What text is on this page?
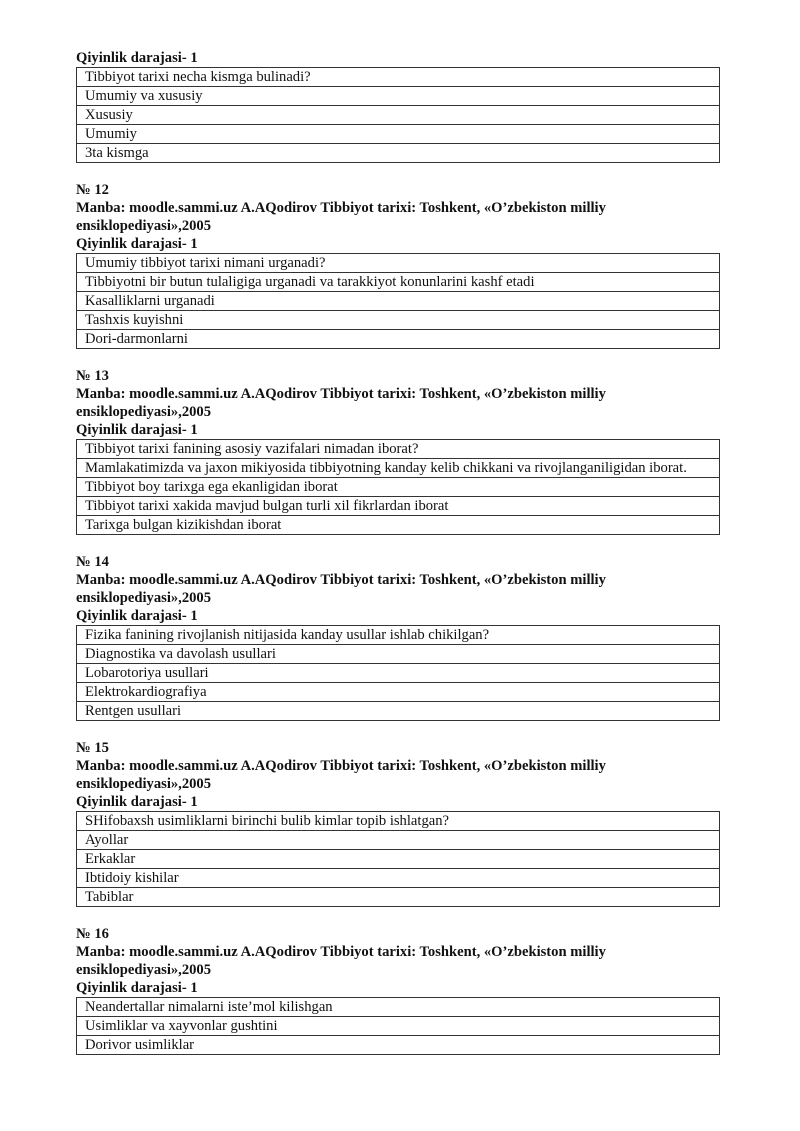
Qiyinlik darajasi- 1
Tibbiyot tarixi necha kismga bulinadi?
Umumiy va xususiy
Xususiy
Umumiy
3ta kismga
№ 12
Manba: moodle.sammi.uz A.AQodirov Tibbiyot tarixi: Toshkent, «O’zbekiston milliy ensiklopediyasi»,2005
Qiyinlik darajasi- 1
Umumiy tibbiyot tarixi nimani urganadi?
Tibbiyotni bir butun tulaligiga urganadi va tarakkiyot konunlarini kashf etadi
Kasalliklarni urganadi
Tashxis kuyishni
Dori-darmonlarni
№ 13
Manba: moodle.sammi.uz A.AQodirov Tibbiyot tarixi: Toshkent, «O’zbekiston milliy ensiklopediyasi»,2005
Qiyinlik darajasi- 1
Tibbiyot tarixi fanining asosiy vazifalari nimadan iborat?
Mamlakatimizda va jaxon mikiyosida tibbiyotning kanday kelib chikkani va rivojlanganiligidan iborat.
Tibbiyot boy tarixga ega ekanligidan iborat
Tibbiyot tarixi xakida mavjud bulgan turli xil fikrlardan iborat
Tarixga bulgan kizikishdan iborat
№ 14
Manba: moodle.sammi.uz A.AQodirov Tibbiyot tarixi: Toshkent, «O’zbekiston milliy ensiklopediyasi»,2005
Qiyinlik darajasi- 1
Fizika fanining rivojlanish nitijasida kanday usullar ishlab chikilgan?
Diagnostika va davolash usullari
Lobarotoriya usullari
Elektrokardiografiya
Rentgen usullari
№ 15
Manba: moodle.sammi.uz A.AQodirov Tibbiyot tarixi: Toshkent, «O’zbekiston milliy ensiklopediyasi»,2005
Qiyinlik darajasi- 1
SHifobaxsh usimliklarni birinchi bulib kimlar topib ishlatgan?
Ayollar
Erkaklar
Ibtidoiy kishilar
Tabiblar
№ 16
Manba: moodle.sammi.uz A.AQodirov Tibbiyot tarixi: Toshkent, «O’zbekiston milliy ensiklopediyasi»,2005
Qiyinlik darajasi- 1
Neandertallar nimalarni iste’mol kilishgan
Usimliklar va xayvonlar gushtini
Dorivor usimliklar
